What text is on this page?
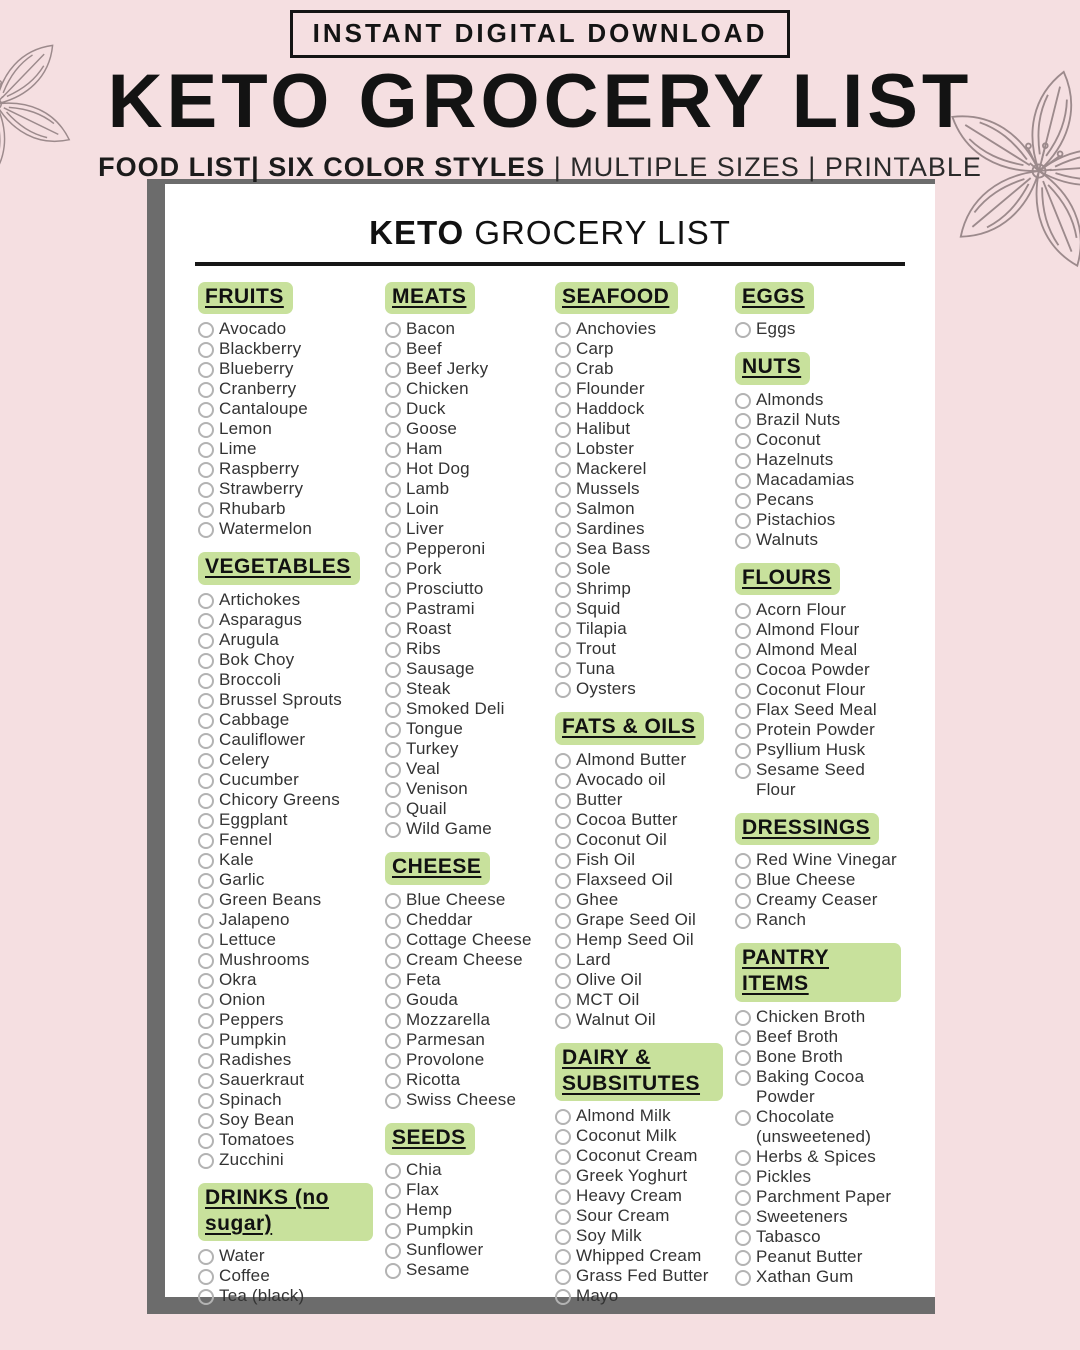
INSTANT DIGITAL DOWNLOAD
KETO GROCERY LIST
FOOD LIST| SIX COLOR STYLES | MULTIPLE SIZES | PRINTABLE
KETO GROCERY LIST
FRUITS
Avocado
Blackberry
Blueberry
Cranberry
Cantaloupe
Lemon
Lime
Raspberry
Strawberry
Rhubarb
Watermelon
VEGETABLES
Artichokes
Asparagus
Arugula
Bok Choy
Broccoli
Brussel Sprouts
Cabbage
Cauliflower
Celery
Cucumber
Chicory Greens
Eggplant
Fennel
Kale
Garlic
Green Beans
Jalapeno
Lettuce
Mushrooms
Okra
Onion
Peppers
Pumpkin
Radishes
Sauerkraut
Spinach
Soy Bean
Tomatoes
Zucchini
DRINKS (no sugar)
Water
Coffee
Tea (black)
MEATS
Bacon
Beef
Beef Jerky
Chicken
Duck
Goose
Ham
Hot Dog
Lamb
Loin
Liver
Pepperoni
Pork
Prosciutto
Pastrami
Roast
Ribs
Sausage
Steak
Smoked Deli
Tongue
Turkey
Veal
Venison
Quail
Wild Game
CHEESE
Blue Cheese
Cheddar
Cottage Cheese
Cream Cheese
Feta
Gouda
Mozzarella
Parmesan
Provolone
Ricotta
Swiss Cheese
SEEDS
Chia
Flax
Hemp
Pumpkin
Sunflower
Sesame
SEAFOOD
Anchovies
Carp
Crab
Flounder
Haddock
Halibut
Lobster
Mackerel
Mussels
Salmon
Sardines
Sea Bass
Sole
Shrimp
Squid
Tilapia
Trout
Tuna
Oysters
FATS & OILS
Almond Butter
Avocado oil
Butter
Cocoa Butter
Coconut Oil
Fish Oil
Flaxseed Oil
Ghee
Grape Seed Oil
Hemp Seed Oil
Lard
Olive Oil
MCT Oil
Walnut Oil
DAIRY & SUBSITUTES
Almond Milk
Coconut Milk
Coconut Cream
Greek Yoghurt
Heavy Cream
Sour Cream
Soy Milk
Whipped Cream
Grass Fed Butter
Mayo
EGGS
Eggs
NUTS
Almonds
Brazil Nuts
Coconut
Hazelnuts
Macadamias
Pecans
Pistachios
Walnuts
FLOURS
Acorn Flour
Almond Flour
Almond Meal
Cocoa Powder
Coconut Flour
Flax Seed Meal
Protein Powder
Psyllium Husk
Sesame Seed Flour
DRESSINGS
Red Wine Vinegar
Blue Cheese
Creamy Ceaser
Ranch
PANTRY ITEMS
Chicken Broth
Beef Broth
Bone Broth
Baking Cocoa Powder
Chocolate (unsweetened)
Herbs & Spices
Pickles
Parchment Paper
Sweeteners
Tabasco
Peanut Butter
Xathan Gum
